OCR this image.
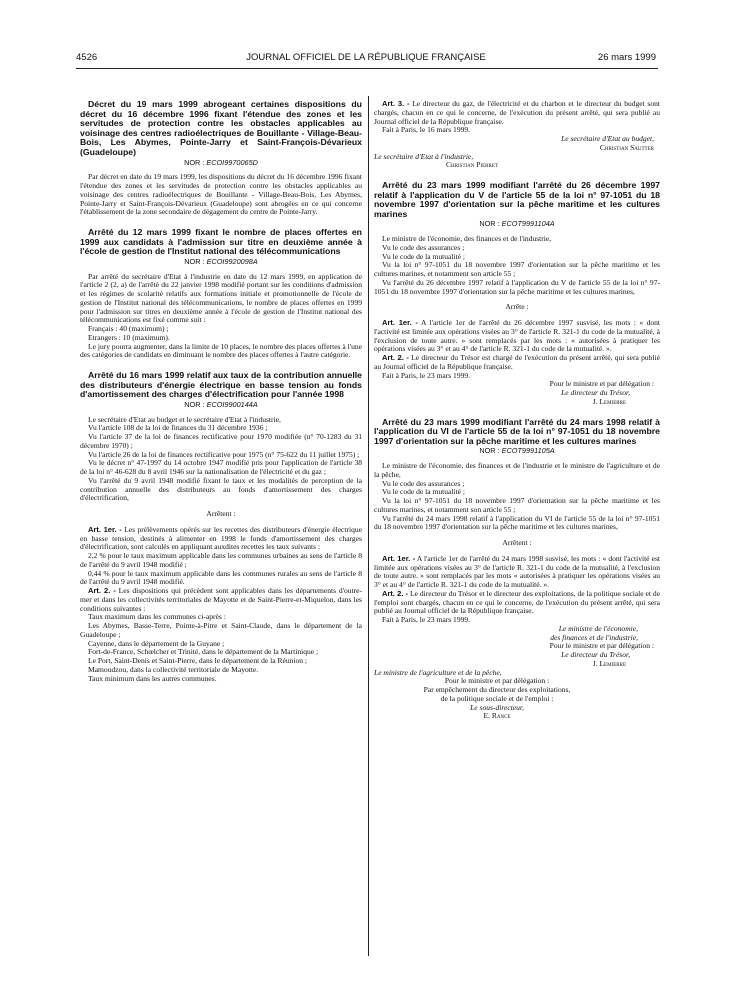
4526	JOURNAL OFFICIEL DE LA RÉPUBLIQUE FRANÇAISE	26 mars 1999

Décret du 19 mars 1999 abrogeant certaines dispositions du décret du 16 décembre 1996 fixant l'étendue des zones et les servitudes de protection contre les obstacles applicables au voisinage des centres radioélectriques de Bouillante - Village-Beau-Bois, Les Abymes, Pointe-Jarry et Saint-François-Dévarieux (Guadeloupe)

NOR : ECOI9970065D

Par décret en date du 19 mars 1999, les dispositions du décret du 16 décembre 1996 fixant l'étendue des zones et les servitudes de protection contre les obstacles applicables au voisinage des centres radioélectriques de Bouillante - Village-Beau-Bois, Les Abymes, Pointe-Jarry et Saint-François-Dévarieux (Guadeloupe) sont abrogées en ce qui concerne l'établissement de la zone secondaire de dégagement du centre de Pointe-Jarry.

Arrêté du 12 mars 1999 fixant le nombre de places offertes en 1999 aux candidats à l'admission sur titre en deuxième année à l'école de gestion de l'Institut national des télécommunications

NOR : ECOI9920098A

Par arrêté du secrétaire d'Etat à l'industrie en date du 12 mars 1999, en application de l'article 2 (2, a) de l'arrêté du 22 janvier 1998 modifié portant sur les conditions d'admission et les régimes de scolarité relatifs aux formations initiale et promotionnelle de l'école de gestion de l'Institut national des télécommunications, le nombre de places offertes en 1999 pour l'admission sur titres en deuxième année à l'école de gestion de l'Institut national des télécommunications est fixé comme suit :

Français : 40 (maximum) ;

Etrangers : 10 (maximum).

Le jury pourra augmenter, dans la limite de 10 places, le nombre des places offertes à l'une des catégories de candidats en diminuant le nombre des places offertes à l'autre catégorie.

Arrêté du 16 mars 1999 relatif aux taux de la contribution annuelle des distributeurs d'énergie électrique en basse tension au fonds d'amortissement des charges d'électrification pour l'année 1998

NOR : ECOI9900144A

Le secrétaire d'Etat au budget et le secrétaire d'Etat à l'industrie,

Vu l'article 108 de la loi de finances du 31 décembre 1936 ;

Vu l'article 37 de la loi de finances rectificative pour 1970 modifiée (n° 70-1283 du 31 décembre 1970) ;

Vu l'article 26 de la loi de finances rectificative pour 1975 (n° 75-622 du 11 juillet 1975) ;

Vu le décret n° 47-1997 du 14 octobre 1947 modifié pris pour l'application de l'article 38 de la loi n° 46-628 du 8 avril 1946 sur la nationalisation de l'électricité et du gaz ;

Vu l'arrêté du 9 avril 1948 modifié fixant le taux et les modalités de perception de la contribution annuelle des distributeurs au fonds d'amortissement des charges d'électrification,

Arrêtent :

Art. 1er. - Les prélèvements opérés sur les recettes des distributeurs d'énergie électrique en basse tension, destinés à alimenter en 1998 le fonds d'amortissement des charges d'électrification, sont calculés en appliquant auxdites recettes les taux suivants :

2,2 % pour le taux maximum applicable dans les communes urbaines au sens de l'article 8 de l'arrêté du 9 avril 1948 modifié ;

0,44 % pour le taux maximum applicable dans les communes rurales au sens de l'article 8 de l'arrêté du 9 avril 1948 modifié.

Art. 2. - Les dispositions qui précèdent sont applicables dans les départements d'outre-mer et dans les collectivités territoriales de Mayotte et de Saint-Pierre-et-Miquelon, dans les conditions suivantes :

Taux maximum dans les communes ci-après :

Les Abymes, Basse-Terre, Pointe-à-Pitre et Saint-Claude, dans le département de la Guadeloupe ;

Cayenne, dans le département de la Guyane ;

Fort-de-France, Schœlcher et Trinité, dans le département de la Martinique ;

Le Port, Saint-Denis et Saint-Pierre, dans le département de la Réunion ;

Mamoudzou, dans la collectivité territoriale de Mayotte.

Taux minimum dans les autres communes.

Art. 3. - Le directeur du gaz, de l'électricité et du charbon et le directeur du budget sont chargés, chacun en ce qui le concerne, de l'exécution du présent arrêté, qui sera publié au Journal officiel de la République française.

Fait à Paris, le 16 mars 1999.

Le secrétaire d'Etat au budget,

Christian Sautter

Le secrétaire d'Etat à l'industrie,

Christian Pierret

Arrêté du 23 mars 1999 modifiant l'arrêté du 26 décembre 1997 relatif à l'application du V de l'article 55 de la loi n° 97-1051 du 18 novembre 1997 d'orientation sur la pêche maritime et les cultures marines

NOR : ECOT9991104A

Le ministre de l'économie, des finances et de l'industrie,

Vu le code des assurances ;

Vu le code de la mutualité ;

Vu la loi n° 97-1051 du 18 novembre 1997 d'orientation sur la pêche maritime et les cultures marines, et notamment son article 55 ;

Vu l'arrêté du 26 décembre 1997 relatif à l'application du V de l'article 55 de la loi n° 97-1051 du 18 novembre 1997 d'orientation sur la pêche maritime et les cultures marines,

Arrête :

Art. 1er. - A l'article 1er de l'arrêté du 26 décembre 1997 susvisé, les mots : « dont l'activité est limitée aux opérations visées au 3° de l'article R. 321-1 du code de la mutualité, à l'exclusion de toute autre. » sont remplacés par les mots : « autorisées à pratiquer les opérations visées au 3° et au 4° de l'article R. 321-1 du code de la mutualité. ».

Art. 2. - Le directeur du Trésor est chargé de l'exécution du présent arrêté, qui sera publié au Journal officiel de la République française.

Fait à Paris, le 23 mars 1999.

Pour le ministre et par délégation :

Le directeur du Trésor,

J. Lemierre

Arrêté du 23 mars 1999 modifiant l'arrêté du 24 mars 1998 relatif à l'application du VI de l'article 55 de la loi n° 97-1051 du 18 novembre 1997 d'orientation sur la pêche maritime et les cultures marines

NOR : ECOT9991105A

Le ministre de l'économie, des finances et de l'industrie et le ministre de l'agriculture et de la pêche,

Vu le code des assurances ;

Vu le code de la mutualité ;

Vu la loi n° 97-1051 du 18 novembre 1997 d'orientation sur la pêche maritime et les cultures marines, et notamment son article 55 ;

Vu l'arrêté du 24 mars 1998 relatif à l'application du VI de l'article 55 de la loi n° 97-1051 du 18 novembre 1997 d'orientation sur la pêche maritime et les cultures marines,

Arrêtent :

Art. 1er. - A l'article 1er de l'arrêté du 24 mars 1998 susvisé, les mots : « dont l'activité est limitée aux opérations visées au 3° de l'article R. 321-1 du code de la mutualité, à l'exclusion de toute autre. » sont remplacés par les mots « autorisées à pratiquer les opérations visées au 3° et au 4° de l'article R. 321-1 du code de la mutualité. ».

Art. 2. - Le directeur du Trésor et le directeur des exploitations, de la politique sociale et de l'emploi sont chargés, chacun en ce qui le concerne, de l'exécution du présent arrêté, qui sera publié au Journal officiel de la République française.

Fait à Paris, le 23 mars 1999.

Le ministre de l'économie,

des finances et de l'industrie,

Pour le ministre et par délégation :

Le directeur du Trésor,

J. Lemierre

Le ministre de l'agriculture et de la pêche,

Pour le ministre et par délégation :

Par empêchement du directeur des exploitations,

de la politique sociale et de l'emploi :

Le sous-directeur,

E. Rance
